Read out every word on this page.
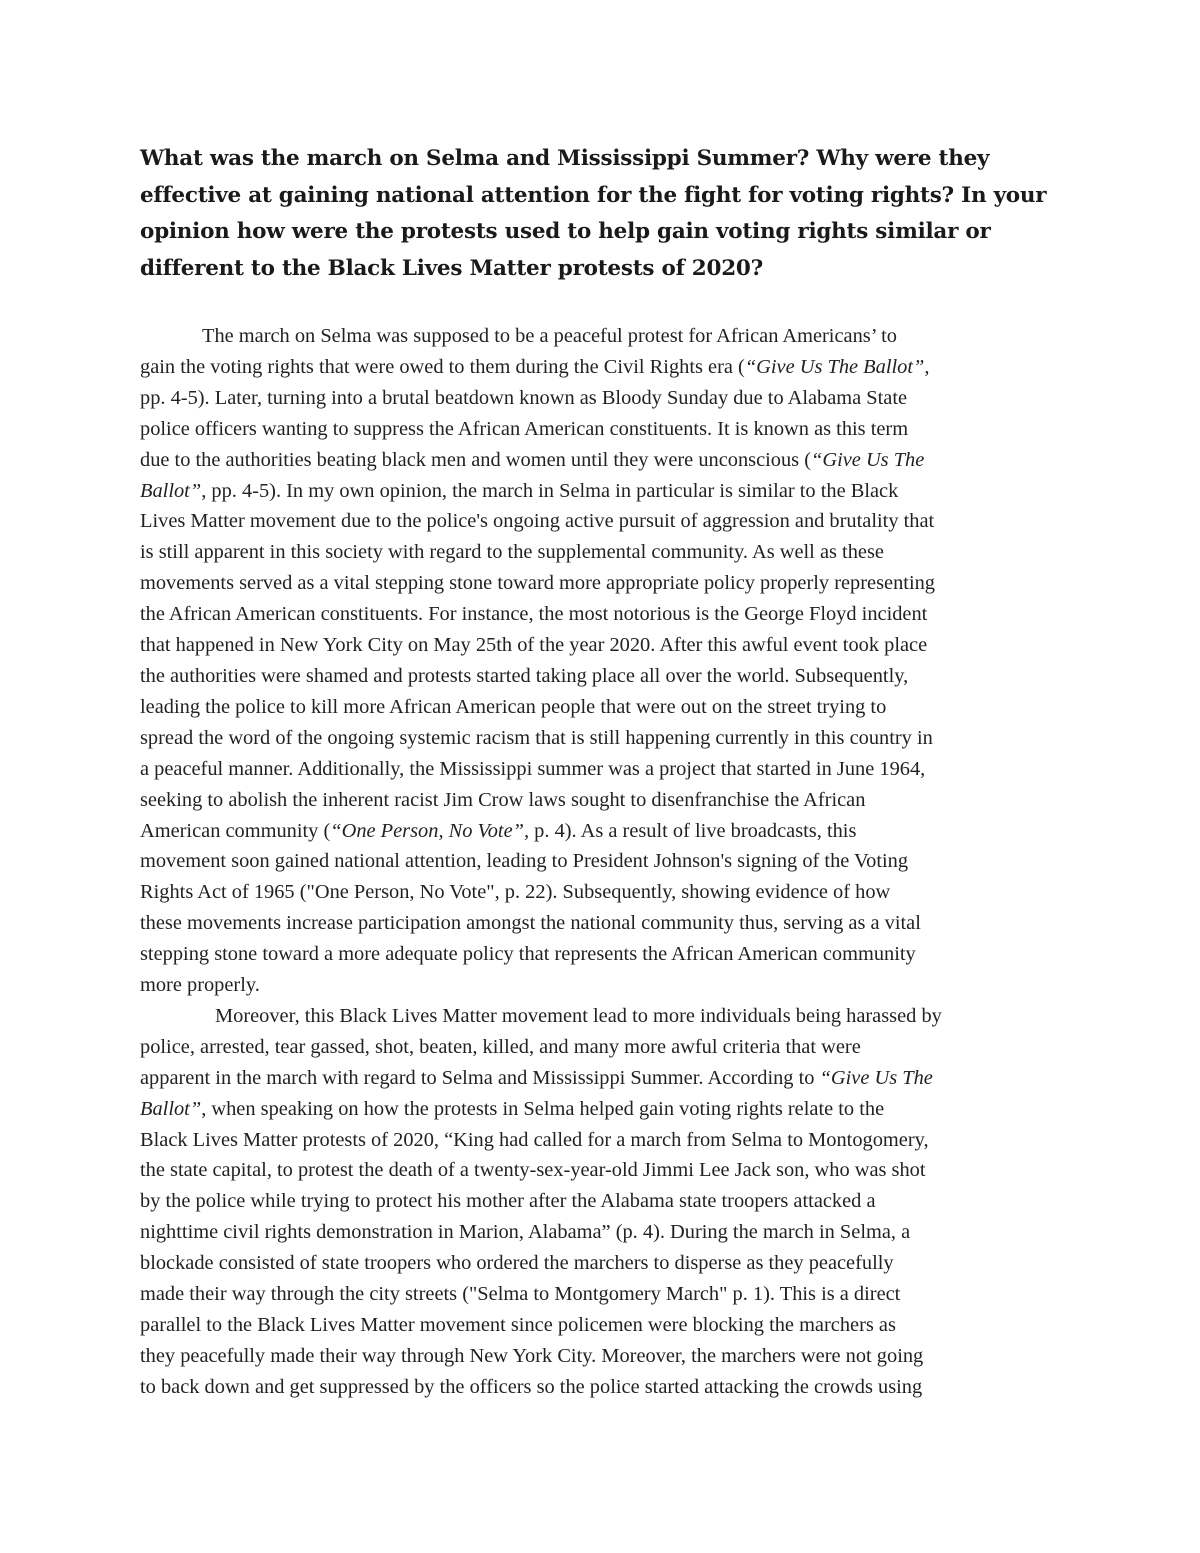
What was the march on Selma and Mississippi Summer? Why were they
effective at gaining national attention for the fight for voting rights? In your
opinion how were the protests used to help gain voting rights similar or
different to the Black Lives Matter protests of 2020?
The march on Selma was supposed to be a peaceful protest for African Americans’ to
gain the voting rights that were owed to them during the Civil Rights era (“Give Us The Ballot”,
pp. 4-5). Later, turning into a brutal beatdown known as Bloody Sunday due to Alabama State
police officers wanting to suppress the African American constituents. It is known as this term
due to the authorities beating black men and women until they were unconscious (“Give Us The
Ballot”, pp. 4-5). In my own opinion, the march in Selma in particular is similar to the Black
Lives Matter movement due to the police's ongoing active pursuit of aggression and brutality that
is still apparent in this society with regard to the supplemental community. As well as these
movements served as a vital stepping stone toward more appropriate policy properly representing
the African American constituents. For instance, the most notorious is the George Floyd incident
that happened in New York City on May 25th of the year 2020. After this awful event took place
the authorities were shamed and protests started taking place all over the world. Subsequently,
leading the police to kill more African American people that were out on the street trying to
spread the word of the ongoing systemic racism that is still happening currently in this country in
a peaceful manner. Additionally, the Mississippi summer was a project that started in June 1964,
seeking to abolish the inherent racist Jim Crow laws sought to disenfranchise the African
American community (“One Person, No Vote”, p. 4). As a result of live broadcasts, this
movement soon gained national attention, leading to President Johnson's signing of the Voting
Rights Act of 1965 ("One Person, No Vote", p. 22). Subsequently, showing evidence of how
these movements increase participation amongst the national community thus, serving as a vital
stepping stone toward a more adequate policy that represents the African American community
more properly.
Moreover, this Black Lives Matter movement lead to more individuals being harassed by
police, arrested, tear gassed, shot, beaten, killed, and many more awful criteria that were
apparent in the march with regard to Selma and Mississippi Summer. According to “Give Us The
Ballot”, when speaking on how the protests in Selma helped gain voting rights relate to the
Black Lives Matter protests of 2020, “King had called for a march from Selma to Montogomery,
the state capital, to protest the death of a twenty-sex-year-old Jimmi Lee Jack son, who was shot
by the police while trying to protect his mother after the Alabama state troopers attacked a
nighttime civil rights demonstration in Marion, Alabama” (p. 4). During the march in Selma, a
blockade consisted of state troopers who ordered the marchers to disperse as they peacefully
made their way through the city streets ("Selma to Montgomery March" p. 1). This is a direct
parallel to the Black Lives Matter movement since policemen were blocking the marchers as
they peacefully made their way through New York City. Moreover, the marchers were not going
to back down and get suppressed by the officers so the police started attacking the crowds using
